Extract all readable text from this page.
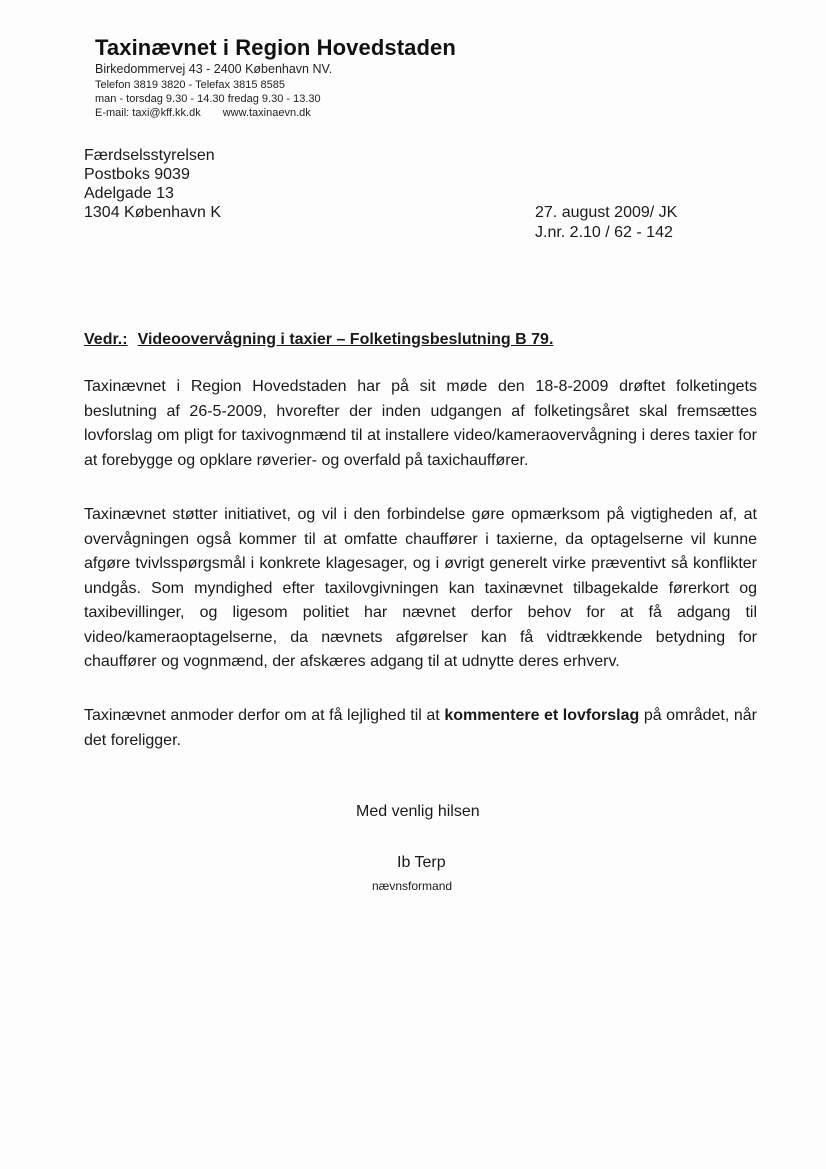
Taxinævnet i Region Hovedstaden
Birkedommervej 43 - 2400 København NV.
Telefon 3819 3820 - Telefax 3815 8585
man - torsdag 9.30 - 14.30 fredag 9.30 - 13.30
E-mail: taxi@kff.kk.dk www.taxinaevn.dk
Færdselsstyrelsen
Postboks 9039
Adelgade 13
1304 København K	27. august 2009/ JK
J.nr. 2.10 / 62 - 142
Vedr.: Videoovervågning i taxier – Folketingsbeslutning B 79.
Taxinævnet i Region Hovedstaden har på sit møde den 18-8-2009 drøftet folketingets beslutning af 26-5-2009, hvorefter der inden udgangen af folketingsåret skal fremsættes lovforslag om pligt for taxivognmænd til at installere video/kameraovervågning i deres taxier for at forebygge og opklare røverier- og overfald på taxichauffører.
Taxinævnet støtter initiativet, og vil i den forbindelse gøre opmærksom på vigtigheden af, at overvågningen også kommer til at omfatte chauffører i taxierne, da optagelserne vil kunne afgøre tvivlsspørgsmål i konkrete klagesager, og i øvrigt generelt virke præventivt så konflikter undgås. Som myndighed efter taxilovgivningen kan taxinævnet tilbagekalde førerkort og taxibevillinger, og ligesom politiet har nævnet derfor behov for at få adgang til video/kameraoptagelserne, da nævnets afgørelser kan få vidtrækkende betydning for chauffører og vognmænd, der afskæres adgang til at udnytte deres erhverv.
Taxinævnet anmoder derfor om at få lejlighed til at kommentere et lovforslag på området, når det foreligger.
Med venlig hilsen
Ib Terp
nævnsformand
